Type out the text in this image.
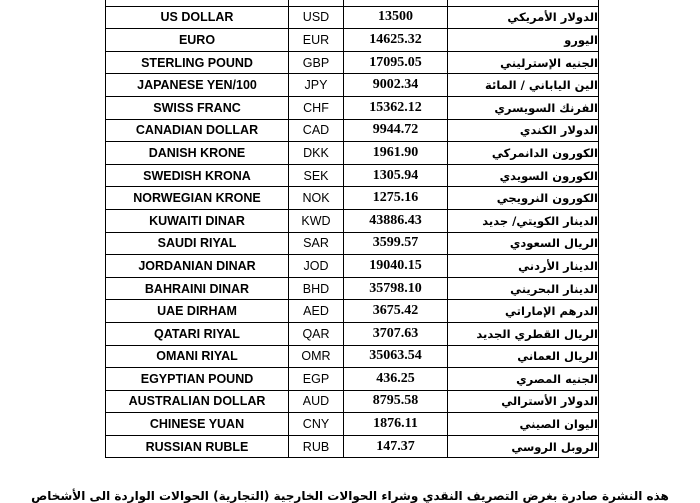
US DOLLAR	USD	13500	الدولار الأمريكي
EURO	EUR	14625.32	اليورو
STERLING POUND	GBP	17095.05	الجنيه الإسترليني
JAPANESE YEN/100	JPY	9002.34	الين الياباني / المائة
SWISS FRANC	CHF	15362.12	الفرنك السويسري
CANADIAN DOLLAR	CAD	9944.72	الدولار الكندي
DANISH KRONE	DKK	1961.90	الكورون الدانمركي
SWEDISH KRONA	SEK	1305.94	الكورون السويدي
NORWEGIAN KRONE	NOK	1275.16	الكورون النرويجي
KUWAITI DINAR	KWD	43886.43	الدينار الكويتي/ جديد
SAUDI RIYAL	SAR	3599.57	الريال السعودي
JORDANIAN DINAR	JOD	19040.15	الدينار الأردني
BAHRAINI DINAR	BHD	35798.10	الدينار البحريني
UAE DIRHAM	AED	3675.42	الدرهم الإماراتي
QATARI RIYAL	QAR	3707.63	الريال القطري الجديد
OMANI RIYAL	OMR	35063.54	الريال العماني
EGYPTIAN POUND	EGP	436.25	الجنيه المصري
AUSTRALIAN DOLLAR	AUD	8795.58	الدولار الأسترالي
CHINESE YUAN	CNY	1876.11	اليوان الصيني
RUSSIAN RUBLE	RUB	147.37	الروبل الروسي
هذه النشرة صادرة بغرض التصريف النقدي وشراء الحوالات الخارجية (التجارية) الحوالات الواردة الى الأشخاص
